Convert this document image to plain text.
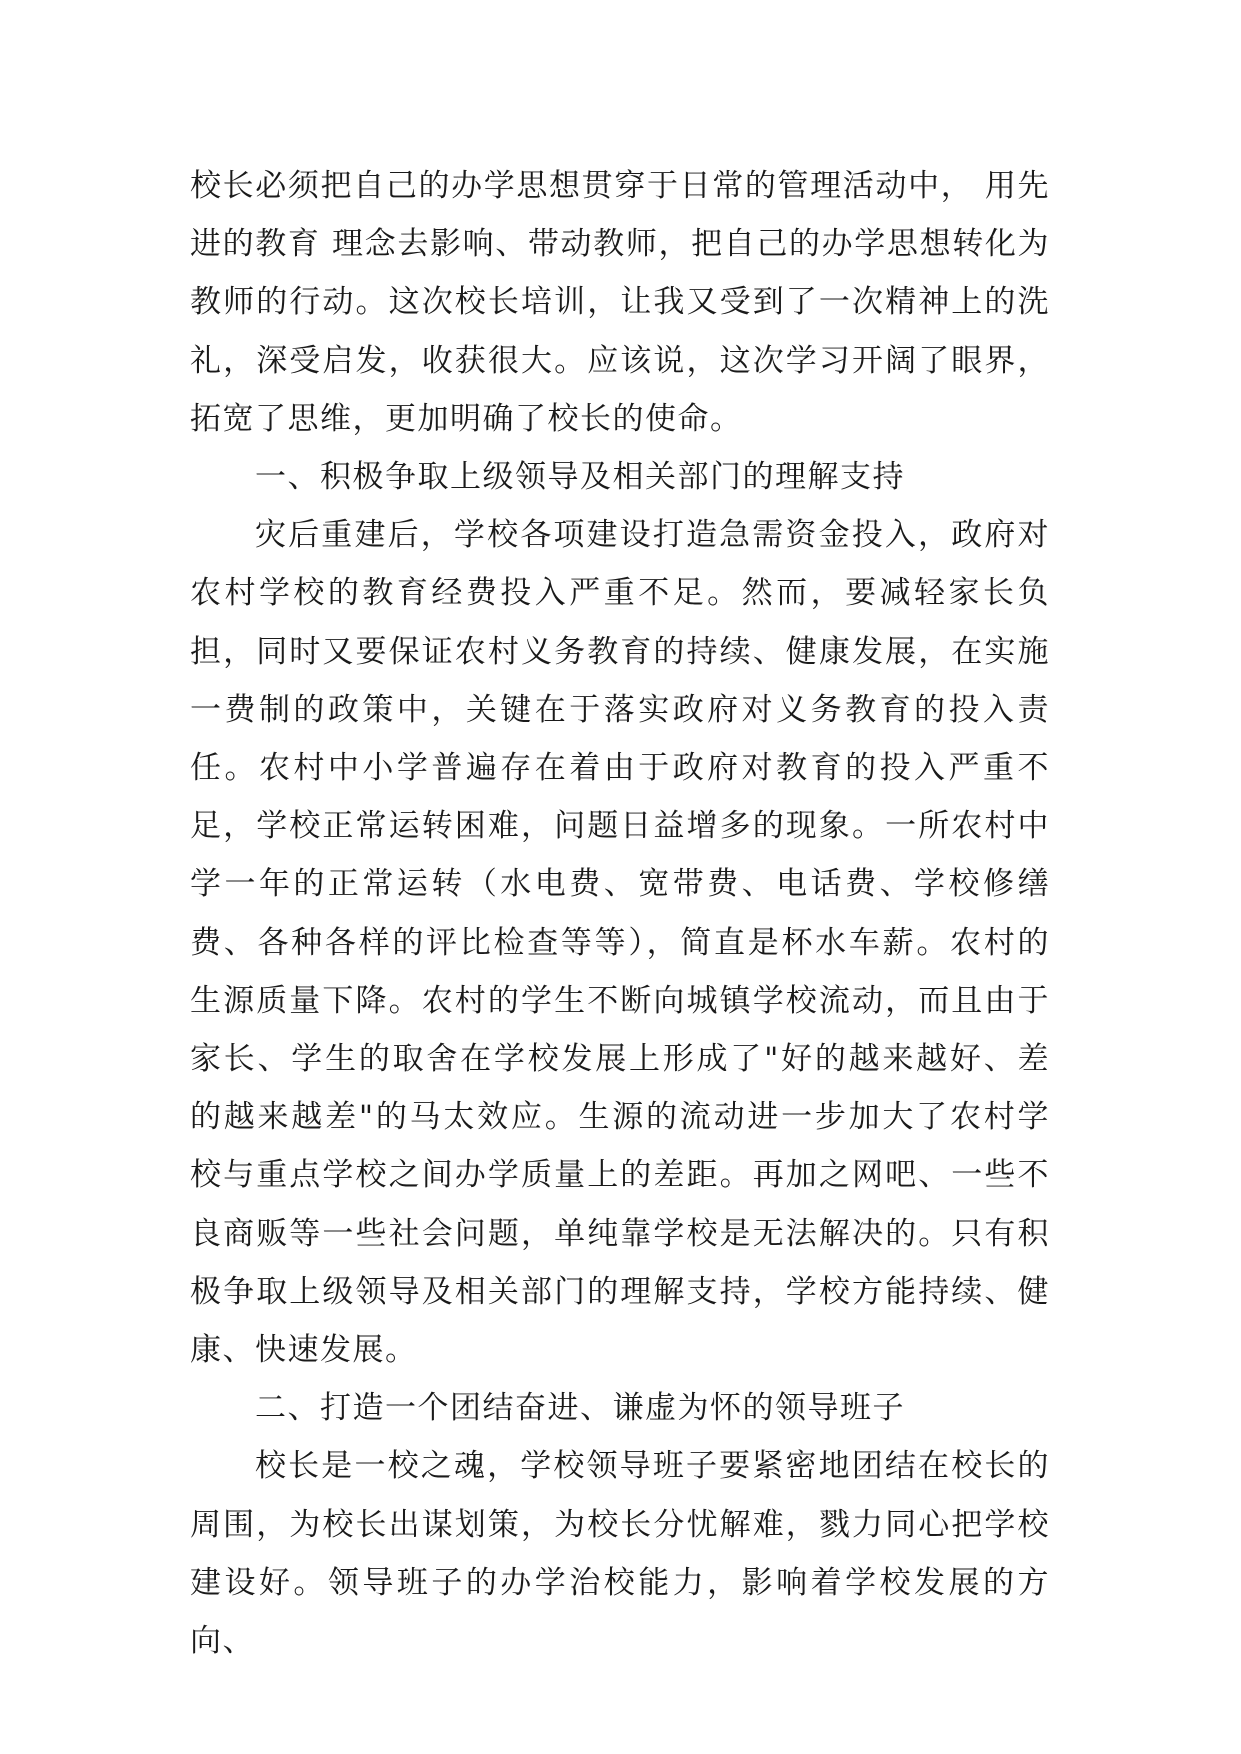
校长必须把自己的办学思想贯穿于日常的管理活动中， 用先进的教育 理念去影响、带动教师，把自己的办学思想转化为教师的行动。这次校长培训，让我又受到了一次精神上的洗礼，深受启发，收获很大。应该说，这次学习开阔了眼界，拓宽了思维，更加明确了校长的使命。

一、积极争取上级领导及相关部门的理解支持

灾后重建后，学校各项建设打造急需资金投入，政府对农村学校的教育经费投入严重不足。然而，要减轻家长负担，同时又要保证农村义务教育的持续、健康发展，在实施一费制的政策中，关键在于落实政府对义务教育的投入责任。农村中小学普遍存在着由于政府对教育的投入严重不足，学校正常运转困难，问题日益增多的现象。一所农村中学一年的正常运转（水电费、宽带费、电话费、学校修缮费、各种各样的评比检查等等），简直是杯水车薪。农村的生源质量下降。农村的学生不断向城镇学校流动，而且由于家长、学生的取舍在学校发展上形成了"好的越来越好、差的越来越差"的马太效应。生源的流动进一步加大了农村学校与重点学校之间办学质量上的差距。再加之网吧、一些不良商贩等一些社会问题，单纯靠学校是无法解决的。只有积极争取上级领导及相关部门的理解支持，学校方能持续、健康、快速发展。

二、打造一个团结奋进、谦虚为怀的领导班子

校长是一校之魂，学校领导班子要紧密地团结在校长的周围，为校长出谋划策，为校长分忧解难，戮力同心把学校建设好。领导班子的办学治校能力，影响着学校发展的方向、
